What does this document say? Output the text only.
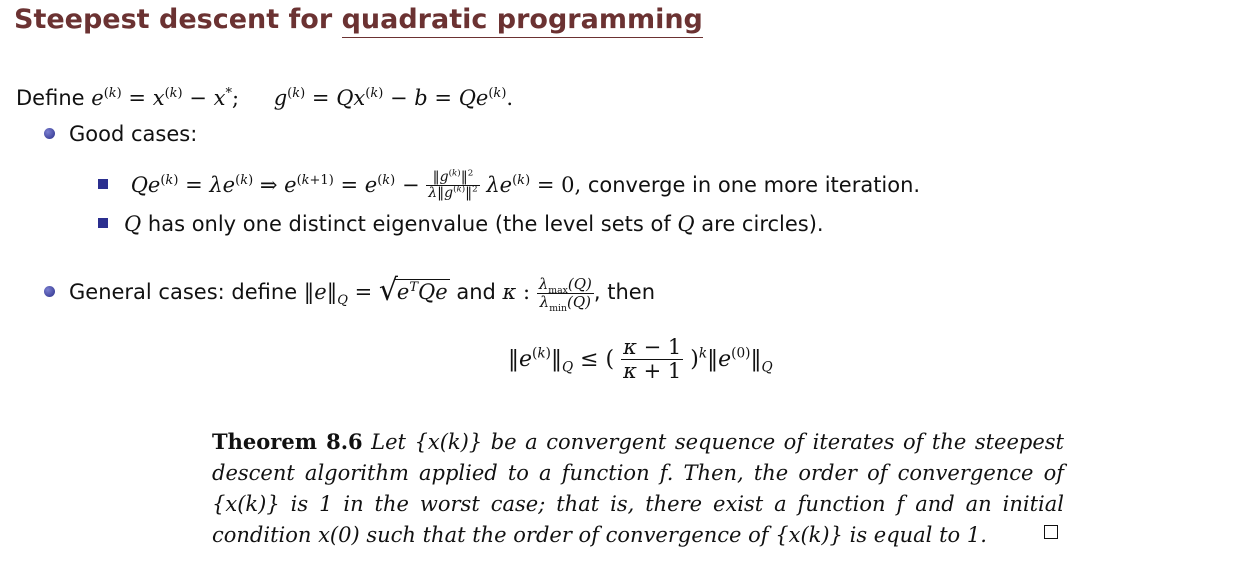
Steepest descent for quadratic programming
Define $e^{(k)} = x^{(k)} - x^*$; $g^{(k)} = Qx^{(k)} - b = Qe^{(k)}$.
Good cases:
$Qe^{(k)} = \lambda e^{(k)}$ ⇒ $e^{(k+1)} = e^{(k)} - \frac{‖g^{(k)}‖^2}{\lambda‖g^{(k)}‖^2} \lambda e^{(k)} = 0$, converge in one more iteration.
Q has only one distinct eigenvalue (the level sets of Q are circles).
General cases: define $‖e‖_Q$ = √
$e^TQe$ and κ : $\frac{\lambda_{max}(Q)}{\lambda_{min}(Q)}$ , then
$‖e^{(k)}‖_Q$ ≤ ( $\frac{\kappa - 1}{\kappa + 1}$ )$^k‖e^{(0)}‖_Q$
Theorem 8.6 Let {x(k)} be a convergent sequence of iterates of the steepest descent algorithm applied to a function f. Then, the order of convergence of {x(k)} is 1 in the worst case; that is, there exist a function f and an initial condition x(0) such that the order of convergence of {x(k)} is equal to 1.
